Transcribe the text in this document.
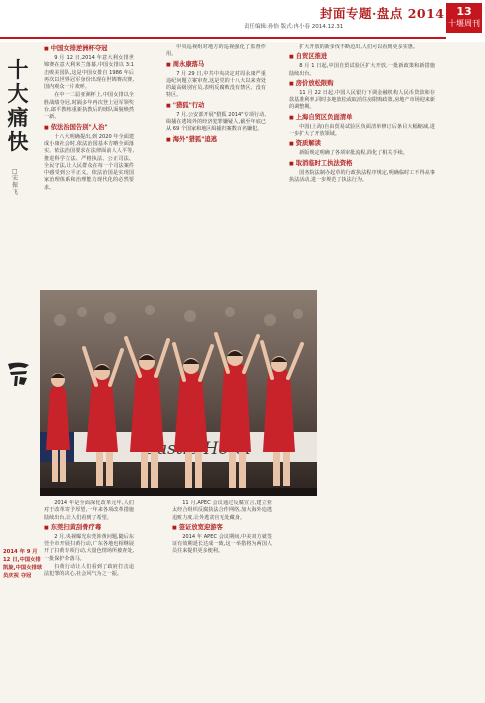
封面专题·盘点 2014	13
十堰周刊
责任编辑:孙怡 版式:冉小春 2014.12.31
十大痛快
□宋振飞

■ 中国女排逆洲杯夺冠

9 月 12 日,2014 年意大利女排世锦赛在意大利米兰落幕,中国女排以 3:1 击败美国队,这是中国女排自 1986 年后再次以世界冠军身份出现在世锦赛决赛,国内观众一片欢呼。

在中一二届亚洲杯上,中国女排以全胜战绩夺冠,时隔多年再次登上冠军领奖台,郎平教练重新执教后的球队面貌焕然一新。

■ 依法治国告别"人治"

十八大明确提出,到 2020 年全面建成小康社会时,依法治国基本方略全面落实。依法治国要求在法律面前人人平等,推进科学立法、严格执法、公正司法、全民守法,让人民群众在每一个司法案件中感受到公平正义。依法治国是实现国家治理体系和治理能力现代化的必然要求。

2014 年是全面深化改革元年,人们对于改革寄予厚望,一年来各项改革措施陆续出台,让人们看到了希望。

■ 东莞扫黄刮骨疗毒

2 月,央视曝光东莞涉黄问题,随后东莞全市开展扫黄行动,广东各地也相继展开了扫黄专项行动,大量色情场所被查处,一批保护伞落马。

扫黄行动让人们看到了政府打击违法犯罪的决心,社会风气为之一振。

中央巡视组对地方的巡视强化了监督作用。

■ 周永康落马

7 月 29 日,中共中央决定对周永康严重违纪问题立案审查,这是党的十八大以来查处的最高级别官员,表明反腐败没有禁区、没有特区。

■ "猎狐"行动

7 月,公安部开展"猎狐 2014"专项行动,缉捕在逃境外的经济犯罪嫌疑人,截至年底已从 69 个国家和地区缉捕归案数百名嫌犯。

■ 海外"猎狐"追逃

11 月,APEC 会议通过反腐宣言,建立亚太经合组织反腐执法合作网络,加大海外追逃追赃力度,让外逃贪官无处藏身。

■ 签证放宽迎游客

2014 年 APEC 会议期间,中美双方就签证有效期延长达成一致,这一举措将为两国人员往来提供更多便利。

扩大开放的新步伐不断迈出,人们可以看到更多实惠。

■ 自贸区推进

8 月 1 日起,中国自贸试验区扩大开放,一批新政策和新措施陆续出台。

■ 房价放松限购

11 月 22 日起,中国人民银行下调金融机构人民币贷款和存款基准利率,同时多地放松或取消住房限购政策,房地产市场迎来新的调整期。

■ 上海自贸区负面清单

中国(上海)自由贸易试验区负面清单修订后条目大幅缩减,进一步扩大了开放领域。

■ 资质解读

新版规定明确了各项审批流程,简化了相关手续。

■ 取消临时工执法资格

国务院法制办起草的行政执法程序规定,明确临时工不得从事执法活动,进一步规范了执法行为。

Castle
2014 年 9 月 12 日,中国女排凯旋,中国女排球员庆祝 夺冠
